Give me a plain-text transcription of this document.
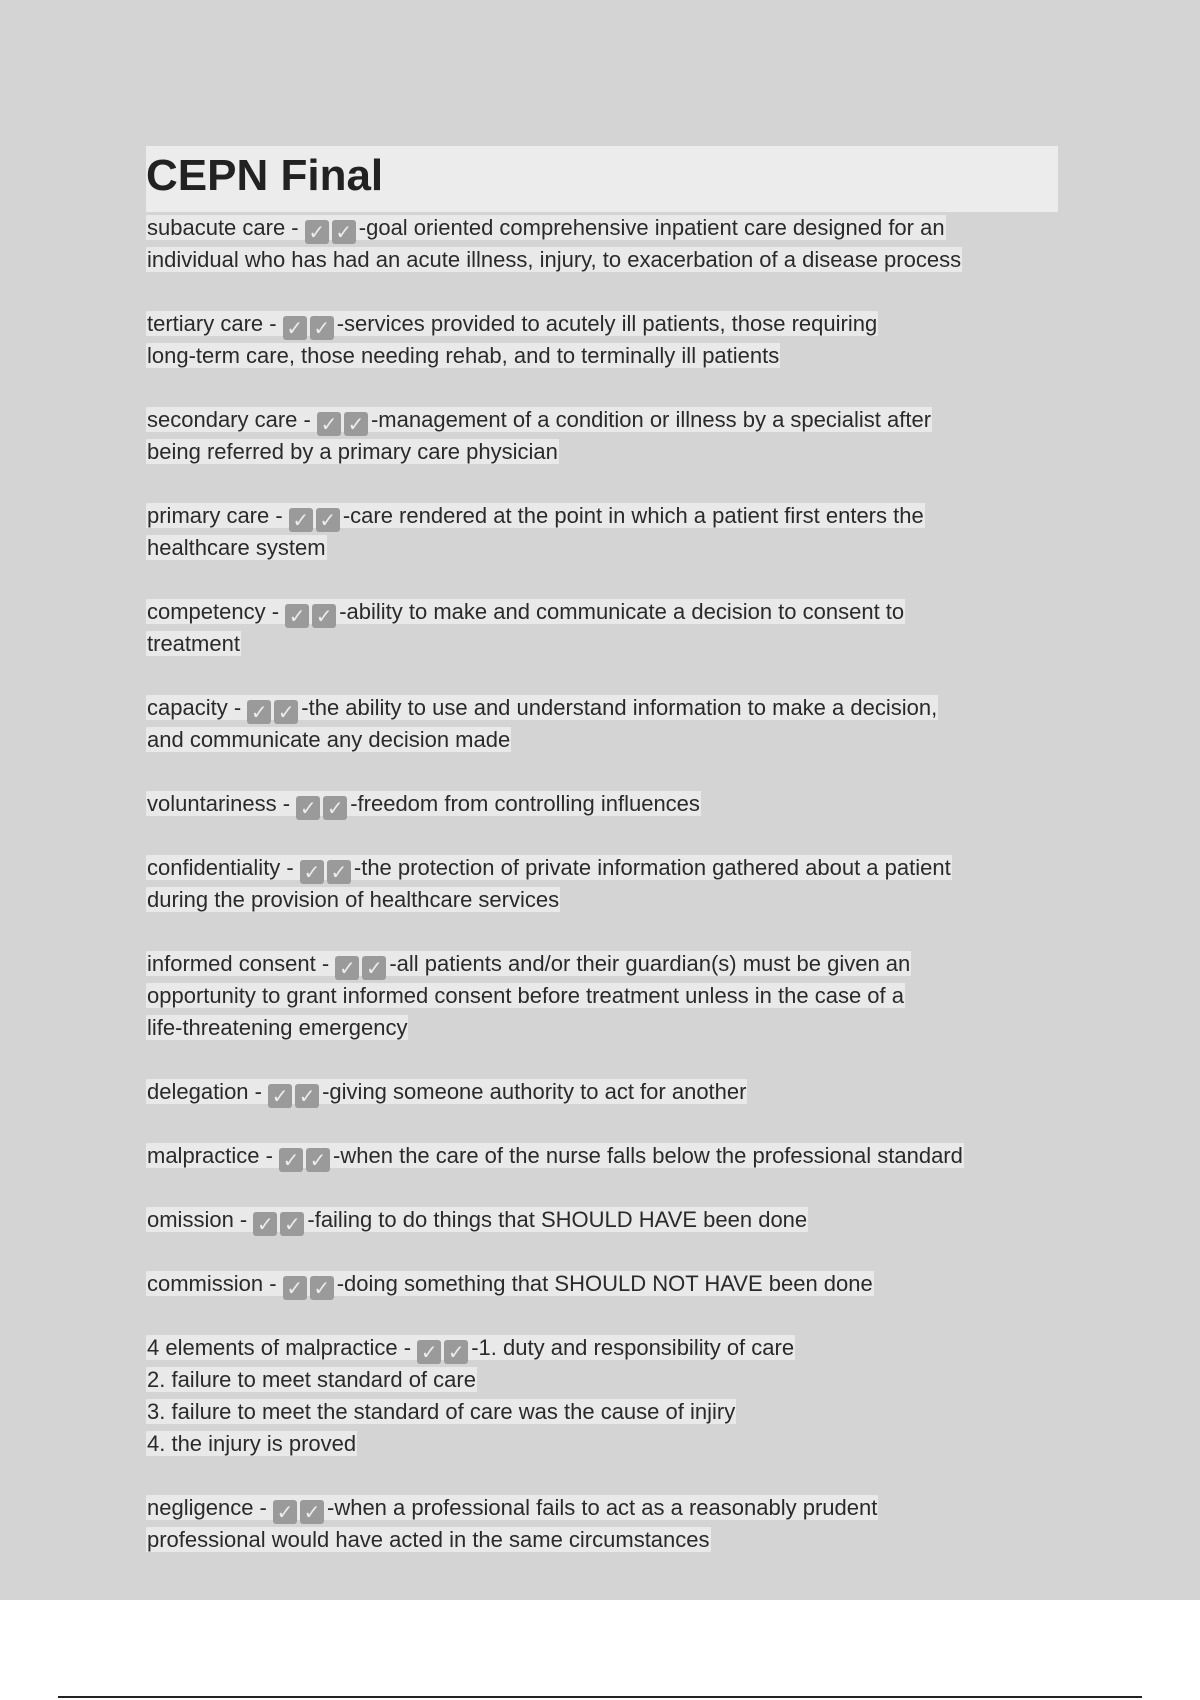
CEPN Final
subacute care - ✓ ✓ -goal oriented comprehensive inpatient care designed for an
individual who has had an acute illness, injury, to exacerbation of a disease process
tertiary care - ✓ ✓ -services provided to acutely ill patients, those requiring
long-term care, those needing rehab, and to terminally ill patients
secondary care - ✓ ✓ -management of a condition or illness by a specialist after
being referred by a primary care physician
primary care - ✓ ✓ -care rendered at the point in which a patient first enters the
healthcare system
competency - ✓ ✓ -ability to make and communicate a decision to consent to
treatment
capacity - ✓ ✓ -the ability to use and understand information to make a decision,
and communicate any decision made
voluntariness - ✓ ✓ -freedom from controlling influences
confidentiality - ✓ ✓ -the protection of private information gathered about a patient
during the provision of healthcare services
informed consent - ✓ ✓ -all patients and/or their guardian(s) must be given an
opportunity to grant informed consent before treatment unless in the case of a
life-threatening emergency
delegation - ✓ ✓ -giving someone authority to act for another
malpractice - ✓ ✓ -when the care of the nurse falls below the professional standard
omission - ✓ ✓ -failing to do things that SHOULD HAVE been done
commission - ✓ ✓ -doing something that SHOULD NOT HAVE been done
4 elements of malpractice - ✓ ✓ -1. duty and responsibility of care
2. failure to meet standard of care
3. failure to meet the standard of care was the cause of injiry
4. the injury is proved
negligence - ✓ ✓ -when a professional fails to act as a reasonably prudent
professional would have acted in the same circumstances
